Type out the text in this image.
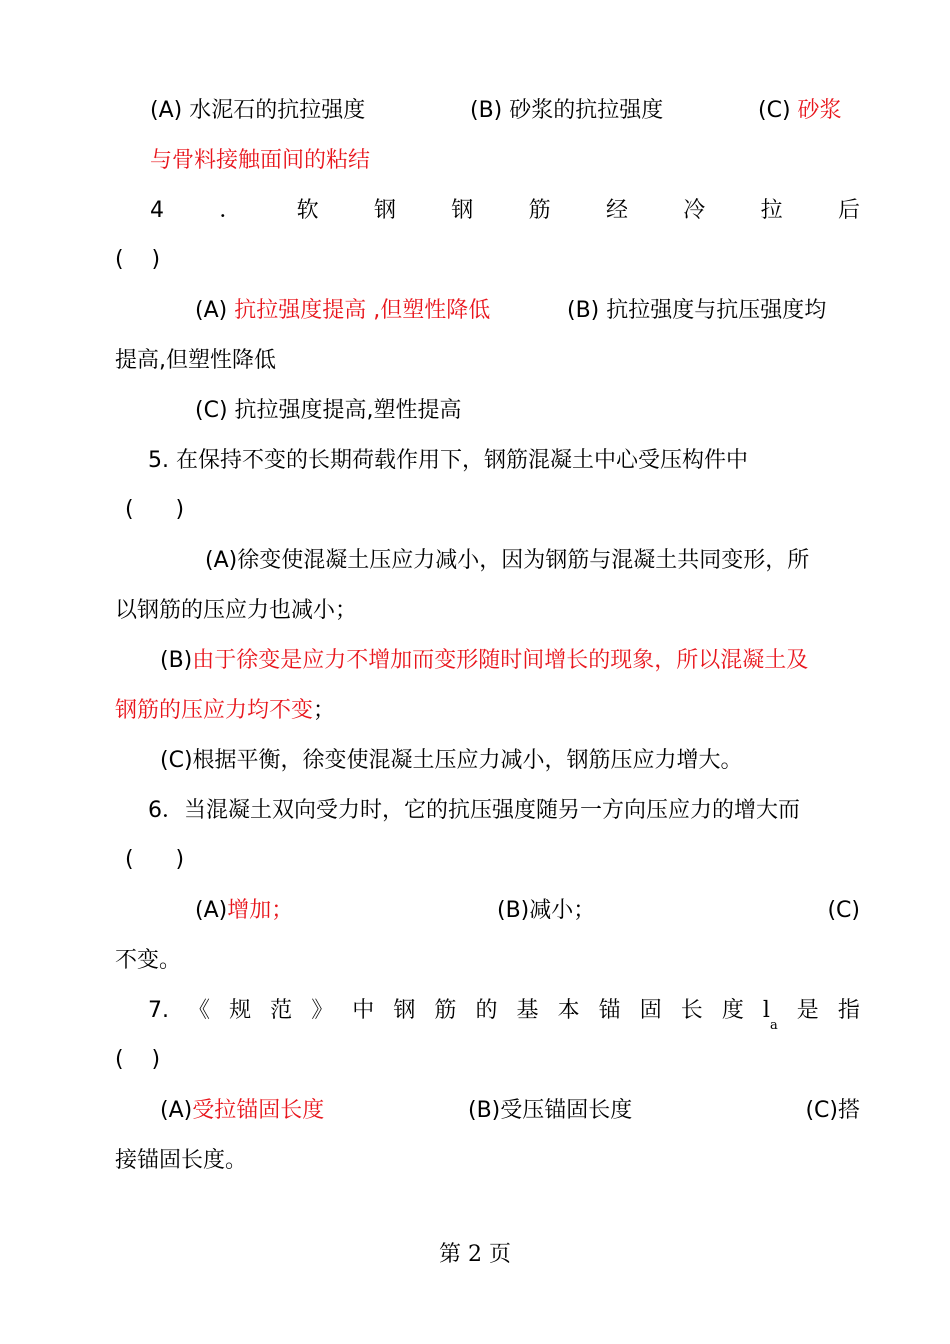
(A) 水泥石的抗拉强度	(B) 砂浆的抗拉强度	(C) 砂浆
与骨料接触面间的粘结
4	．	软	钢	钢	筋	经	冷	拉	后
(    )
(A) 抗拉强度提高 ,但塑性降低	(B) 抗拉强度与抗压强度均
提高,但塑性降低
(C) 抗拉强度提高,塑性提高
5. 在保持不变的长期荷载作用下，钢筋混凝土中心受压构件中
(      )
(A)徐变使混凝土压应力减小，因为钢筋与混凝土共同变形，所
以钢筋的压应力也减小；
(B)由于徐变是应力不增加而变形随时间增长的现象，所以混凝土及
钢筋的压应力均不变；
(C)根据平衡，徐变使混凝土压应力减小，钢筋压应力增大。
6．当混凝土双向受力时，它的抗压强度随另一方向压应力的增大而
(      )
(A)增加；	(B)减小；	(C)
不变。
7. 《 规 范 》 中 钢 筋 的 基 本 锚 固 长 度 la
是 指
(    )
(A)受拉锚固长度	(B)受压锚固长度	(C)搭
接锚固长度。
第 2 页
